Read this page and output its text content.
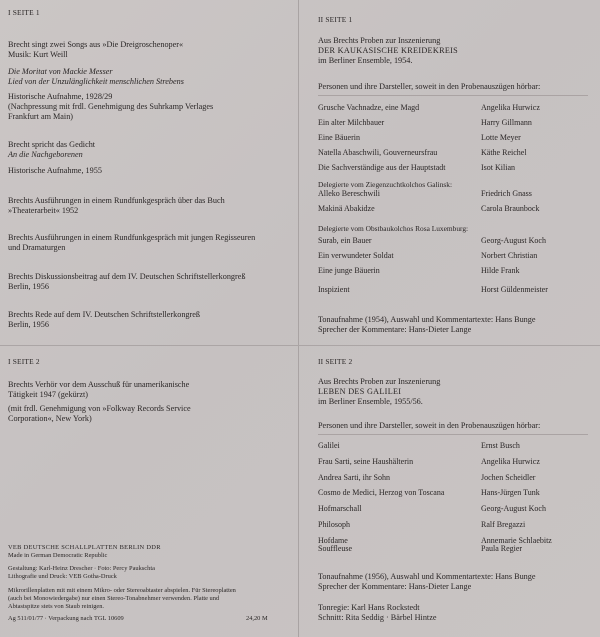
I SEITE 1
Brecht singt zwei Songs aus »Die Dreigroschenoper«
Musik: Kurt Weill
Die Moritat von Mackie Messer
Lied von der Unzulänglichkeit menschlichen Strebens
Historische Aufnahme, 1928/29
(Nachpressung mit frdl. Genehmigung des Suhrkamp Verlages
Frankfurt am Main)
Brecht spricht das Gedicht
An die Nachgeborenen
Historische Aufnahme, 1955
Brechts Ausführungen in einem Rundfunkgespräch über das Buch
»Theaterarbeit« 1952
Brechts Ausführungen in einem Rundfunkgespräch mit jungen Regisseuren
und Dramaturgen
Brechts Diskussionsbeitrag auf dem IV. Deutschen Schriftstellerkongreß
Berlin, 1956
Brechts Rede auf dem IV. Deutschen Schriftstellerkongreß
Berlin, 1956
I SEITE 2
Brechts Verhör vor dem Ausschuß für unamerikanische
Tätigkeit 1947 (gekürzt)
(mit frdl. Genehmigung von »Folkway Records Service
Corporation«, New York)
VEB DEUTSCHE SCHALLPLATTEN BERLIN DDR
Made in German Democratic Republic
Gestaltung: Karl-Heinz Drescher · Foto: Percy Paukschta
Lithografie und Druck: VEB Gotha-Druck
Mikrorillenplatten mit mit einem Mikro- oder Stereoabtaster abspielen. Für Stereoplatten
(auch bei Monowiedergabe) nur einen Stereo-Tonabnehmer verwenden. Platte und
Abtastspitze stets von Staub reinigen.
Ag 511/01/77 · Verpackung nach TGL 10609	24,20 M
II SEITE 1
Aus Brechts Proben zur Inszenierung
DER KAUKASISCHE KREIDEKREIS
im Berliner Ensemble, 1954.
Personen und ihre Darsteller, soweit in den Probenauszügen hörbar:
Grusche Vachnadze, eine Magd	Angelika Hurwicz
Ein alter Milchbauer	Harry Gillmann
Eine Bäuerin	Lotte Meyer
Natella Abaschwili, Gouverneursfrau	Käthe Reichel
Die Sachverständige aus der Hauptstadt	Isot Kilian
Delegierte vom Ziegenzuchtkolchos Galinsk:
Alleko Bereschwili	Friedrich Gnass
Makinä Abakidze	Carola Braunbock
Delegierte vom Obstbaukolchos Rosa Luxemburg:
Surab, ein Bauer	Georg-August Koch
Ein verwundeter Soldat	Norbert Christian
Eine junge Bäuerin	Hilde Frank
Inspizient	Horst Güldenmeister
Tonaufnahme (1954), Auswahl und Kommentartexte: Hans Bunge
Sprecher der Kommentare: Hans-Dieter Lange
II SEITE 2
Aus Brechts Proben zur Inszenierung
LEBEN DES GALILEI
im Berliner Ensemble, 1955/56.
Personen und ihre Darsteller, soweit in den Probenauszügen hörbar:
Galilei	Ernst Busch
Frau Sarti, seine Haushälterin	Angelika Hurwicz
Andrea Sarti, ihr Sohn	Jochen Scheidler
Cosmo de Medici, Herzog von Toscana	Hans-Jürgen Tunk
Hofmarschall	Georg-August Koch
Philosoph	Ralf Bregazzi
Hofdame	Annemarie Schlaebitz
Souffleuse	Paula Regier
Tonaufnahme (1956), Auswahl und Kommentartexte: Hans Bunge
Sprecher der Kommentare: Hans-Dieter Lange
Tonregie: Karl Hans Rockstedt
Schnitt: Rita Seddig · Bärbel Hintze
